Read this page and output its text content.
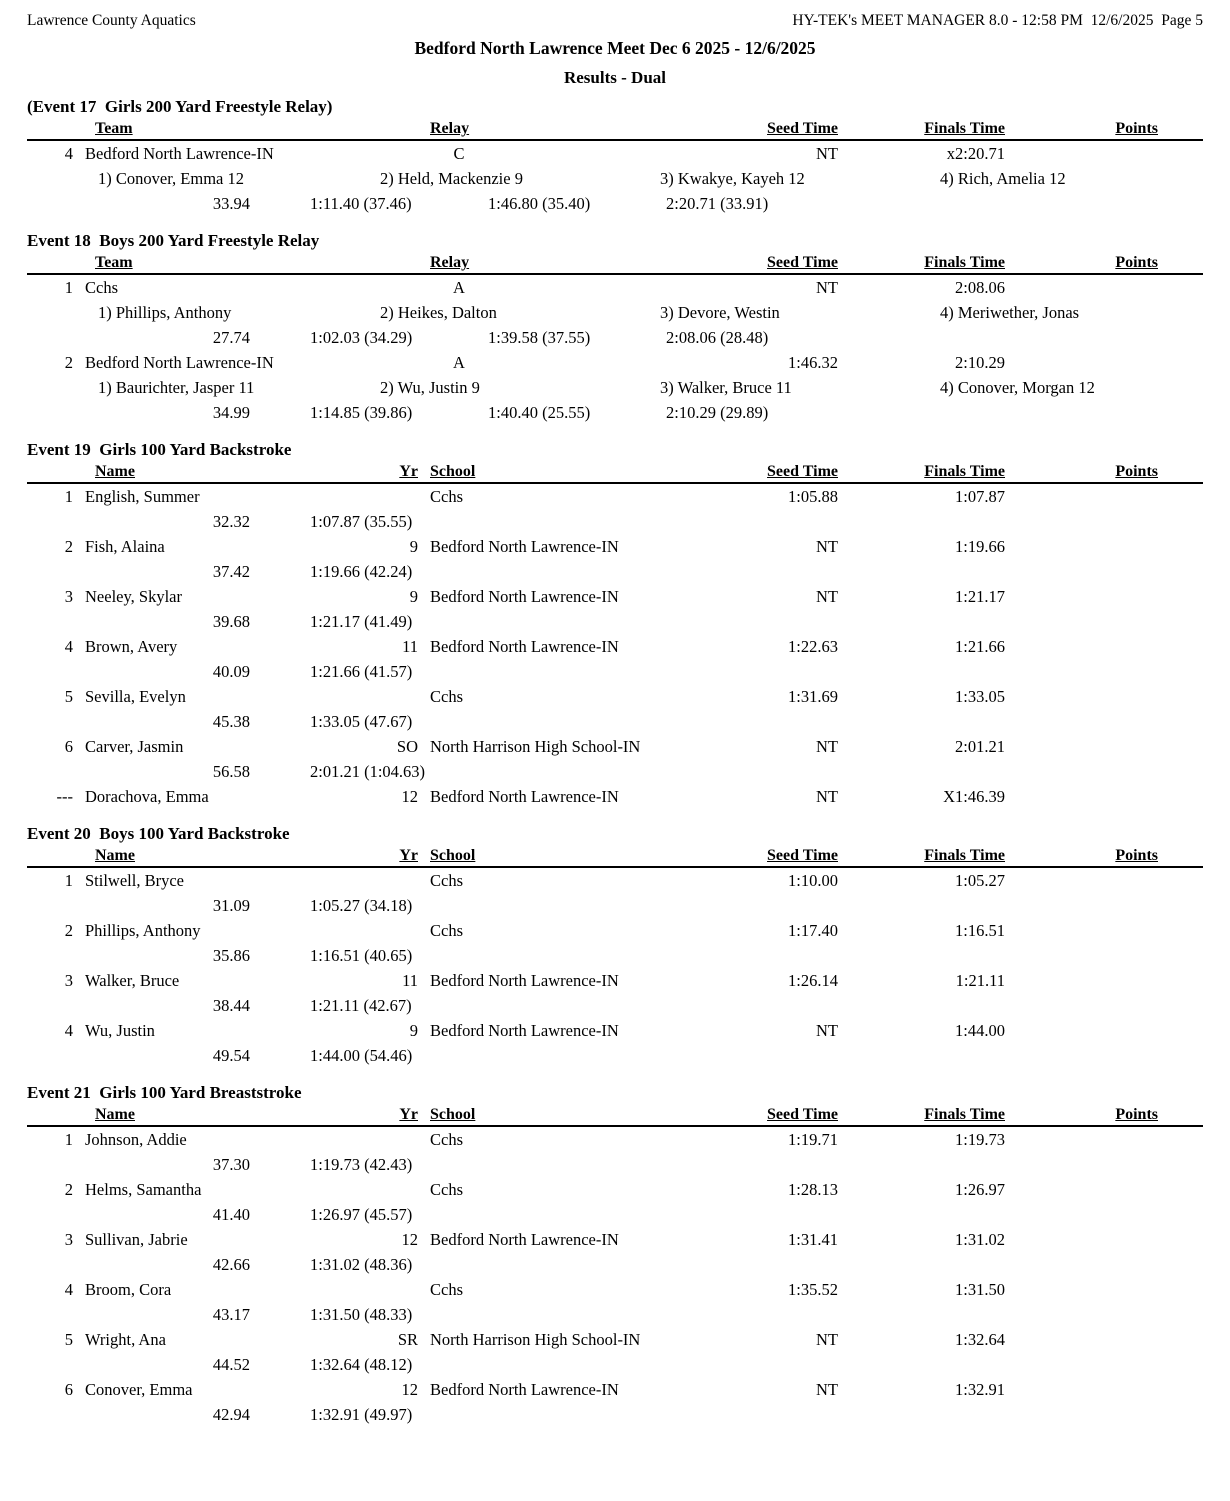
Lawrence County Aquatics	HY-TEK's MEET MANAGER 8.0 - 12:58 PM  12/6/2025  Page 5
Bedford North Lawrence Meet Dec 6 2025 - 12/6/2025
Results - Dual
(Event 17  Girls 200 Yard Freestyle Relay)
Team	Relay	Seed Time	Finals Time	Points
4 Bedford North Lawrence-IN	C	NT	x2:20.71
1) Conover, Emma 12	2) Held, Mackenzie 9	3) Kwakye, Kayeh 12	4) Rich, Amelia 12
33.94	1:11.40 (37.46)	1:46.80 (35.40)	2:20.71 (33.91)
Event 18  Boys 200 Yard Freestyle Relay
Team	Relay	Seed Time	Finals Time	Points
1 Cchs	A	NT	2:08.06
1) Phillips, Anthony	2) Heikes, Dalton	3) Devore, Westin	4) Meriwether, Jonas
27.74	1:02.03 (34.29)	1:39.58 (37.55)	2:08.06 (28.48)
2 Bedford North Lawrence-IN	A	1:46.32	2:10.29
1) Baurichter, Jasper 11	2) Wu, Justin 9	3) Walker, Bruce 11	4) Conover, Morgan 12
34.99	1:14.85 (39.86)	1:40.40 (25.55)	2:10.29 (29.89)
Event 19  Girls 100 Yard Backstroke
Name	Yr School	Seed Time	Finals Time	Points
1 English, Summer	Cchs	1:05.88	1:07.87
32.32	1:07.87 (35.55)
2 Fish, Alaina	9 Bedford North Lawrence-IN	NT	1:19.66
37.42	1:19.66 (42.24)
3 Neeley, Skylar	9 Bedford North Lawrence-IN	NT	1:21.17
39.68	1:21.17 (41.49)
4 Brown, Avery	11 Bedford North Lawrence-IN	1:22.63	1:21.66
40.09	1:21.66 (41.57)
5 Sevilla, Evelyn	Cchs	1:31.69	1:33.05
45.38	1:33.05 (47.67)
6 Carver, Jasmin	SO North Harrison High School-IN	NT	2:01.21
56.58	2:01.21 (1:04.63)
--- Dorachova, Emma	12 Bedford North Lawrence-IN	NT	X1:46.39
Event 20  Boys 100 Yard Backstroke
Name	Yr School	Seed Time	Finals Time	Points
1 Stilwell, Bryce	Cchs	1:10.00	1:05.27
31.09	1:05.27 (34.18)
2 Phillips, Anthony	Cchs	1:17.40	1:16.51
35.86	1:16.51 (40.65)
3 Walker, Bruce	11 Bedford North Lawrence-IN	1:26.14	1:21.11
38.44	1:21.11 (42.67)
4 Wu, Justin	9 Bedford North Lawrence-IN	NT	1:44.00
49.54	1:44.00 (54.46)
Event 21  Girls 100 Yard Breaststroke
Name	Yr School	Seed Time	Finals Time	Points
1 Johnson, Addie	Cchs	1:19.71	1:19.73
37.30	1:19.73 (42.43)
2 Helms, Samantha	Cchs	1:28.13	1:26.97
41.40	1:26.97 (45.57)
3 Sullivan, Jabrie	12 Bedford North Lawrence-IN	1:31.41	1:31.02
42.66	1:31.02 (48.36)
4 Broom, Cora	Cchs	1:35.52	1:31.50
43.17	1:31.50 (48.33)
5 Wright, Ana	SR North Harrison High School-IN	NT	1:32.64
44.52	1:32.64 (48.12)
6 Conover, Emma	12 Bedford North Lawrence-IN	NT	1:32.91
42.94	1:32.91 (49.97)
